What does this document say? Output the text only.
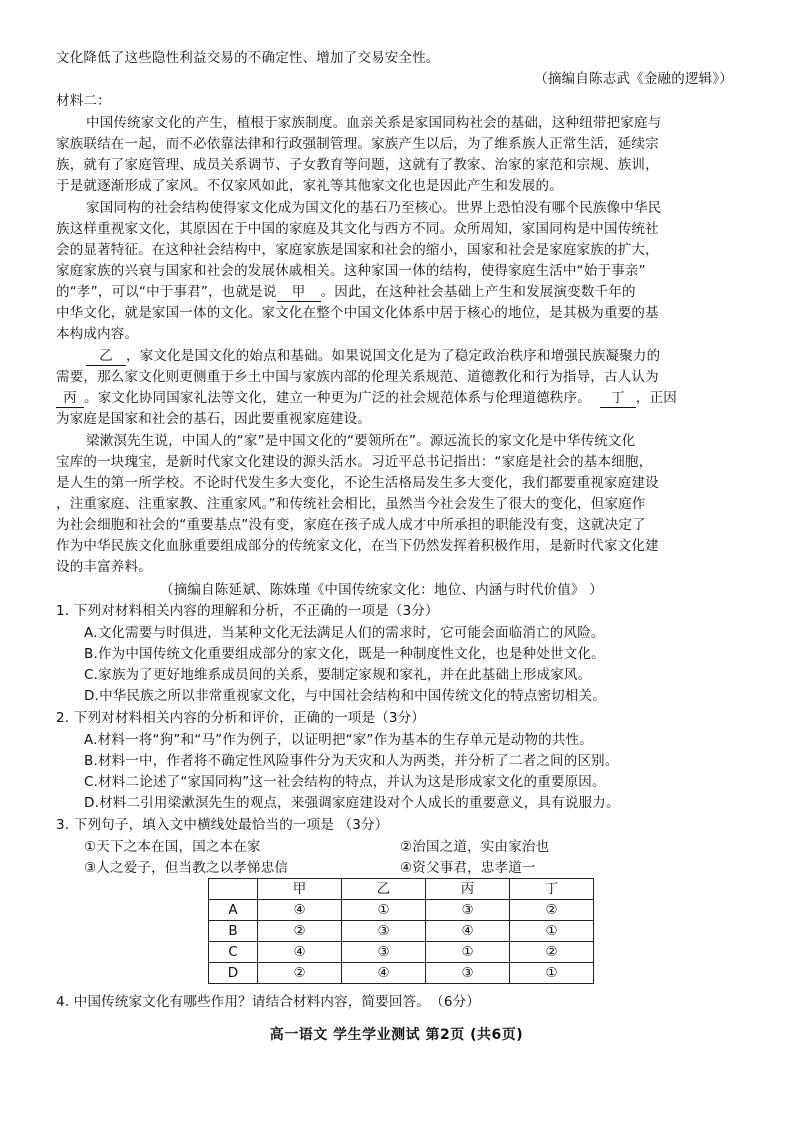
文化降低了这些隐性利益交易的不确定性、增加了交易安全性。
（摘编自陈志武《金融的逻辑》）
材料二：
中国传统家文化的产生，植根于家族制度。血亲关系是家国同构社会的基础，这种纽带把家庭与
家族联结在一起，而不必依靠法律和行政强制管理。家族产生以后，为了维系族人正常生活，延续宗
族，就有了家庭管理、成员关系调节、子女教育等问题，这就有了教家、治家的家范和宗规、族训，
于是就逐渐形成了家风。不仅家风如此，家礼等其他家文化也是因此产生和发展的。
家国同构的社会结构使得家文化成为国文化的基石乃至核心。世界上恐怕没有哪个民族像中华民
族这样重视家文化，其原因在于中国的家庭及其文化与西方不同。众所周知，家国同构是中国传统社
会的显著特征。在这种社会结构中，家庭家族是国家和社会的缩小，国家和社会是家庭家族的扩大，
家庭家族的兴衰与国家和社会的发展休戚相关。这种家国一体的结构，使得家庭生活中“始于事亲”
的“孝”，可以“中于事君”，也就是说 甲 。因此，在这种社会基础上产生和发展演变数千年的
中华文化，就是家国一体的文化。家文化在整个中国文化体系中居于核心的地位，是其极为重要的基
本构成内容。
乙 ，家文化是国文化的始点和基础。如果说国文化是为了稳定政治秩序和增强民族凝聚力的
需要，那么家文化则更侧重于乡土中国与家族内部的伦理关系规范、道德教化和行为指导，古人认为
丙 。家文化协同国家礼法等文化，建立一种更为广泛的社会规范体系与伦理道德秩序。 丁 ，正因
为家庭是国家和社会的基石，因此要重视家庭建设。
梁漱溟先生说，中国人的“家”是中国文化的“要领所在”。源远流长的家文化是中华传统文化
宝库的一块瑰宝，是新时代家文化建设的源头活水。习近平总书记指出：“家庭是社会的基本细胞，
是人生的第一所学校。不论时代发生多大变化，不论生活格局发生多大变化，我们都要重视家庭建设
，注重家庭、注重家教、注重家风。”和传统社会相比，虽然当今社会发生了很大的变化，但家庭作
为社会细胞和社会的“重要基点”没有变，家庭在孩子成人成才中所承担的职能没有变，这就决定了
作为中华民族文化血脉重要组成部分的传统家文化，在当下仍然发挥着积极作用，是新时代家文化建
设的丰富养料。
（摘编自陈延斌、陈姝瑾《中国传统家文化：地位、内涵与时代价值》 ）
1. 下列对材料相关内容的理解和分析，不正确的一项是（3分）
A.文化需要与时俱进，当某种文化无法满足人们的需求时，它可能会面临消亡的风险。
B.作为中国传统文化重要组成部分的家文化，既是一种制度性文化，也是种处世文化。
C.家族为了更好地维系成员间的关系，要制定家规和家礼，并在此基础上形成家风。
D.中华民族之所以非常重视家文化，与中国社会结构和中国传统文化的特点密切相关。
2. 下列对材料相关内容的分析和评价，正确的一项是（3分）
A.材料一将“狗”和“马”作为例子，以证明把“家”作为基本的生存单元是动物的共性。
B.材料一中，作者将不确定性风险事件分为天灾和人为两类，并分析了二者之间的区别。
C.材料二论述了“家国同构”这一社会结构的特点，并认为这是形成家文化的重要原因。
D.材料二引用梁漱溟先生的观点，来强调家庭建设对个人成长的重要意义，具有说服力。
3. 下列句子，填入文中横线处最恰当的一项是 （3分）
①天下之本在国，国之本在家	②治国之道，实由家治也
③人之爱子，但当教之以孝悌忠信	④资父事君，忠孝道一
	甲	乙	丙	丁
A	④	①	③	②
B	②	③	④	①
C	④	③	①	②
D	②	④	③	①
4. 中国传统家文化有哪些作用？请结合材料内容，简要回答。　（6分）
高一语文 学生学业测试 第2页 (共6页)
